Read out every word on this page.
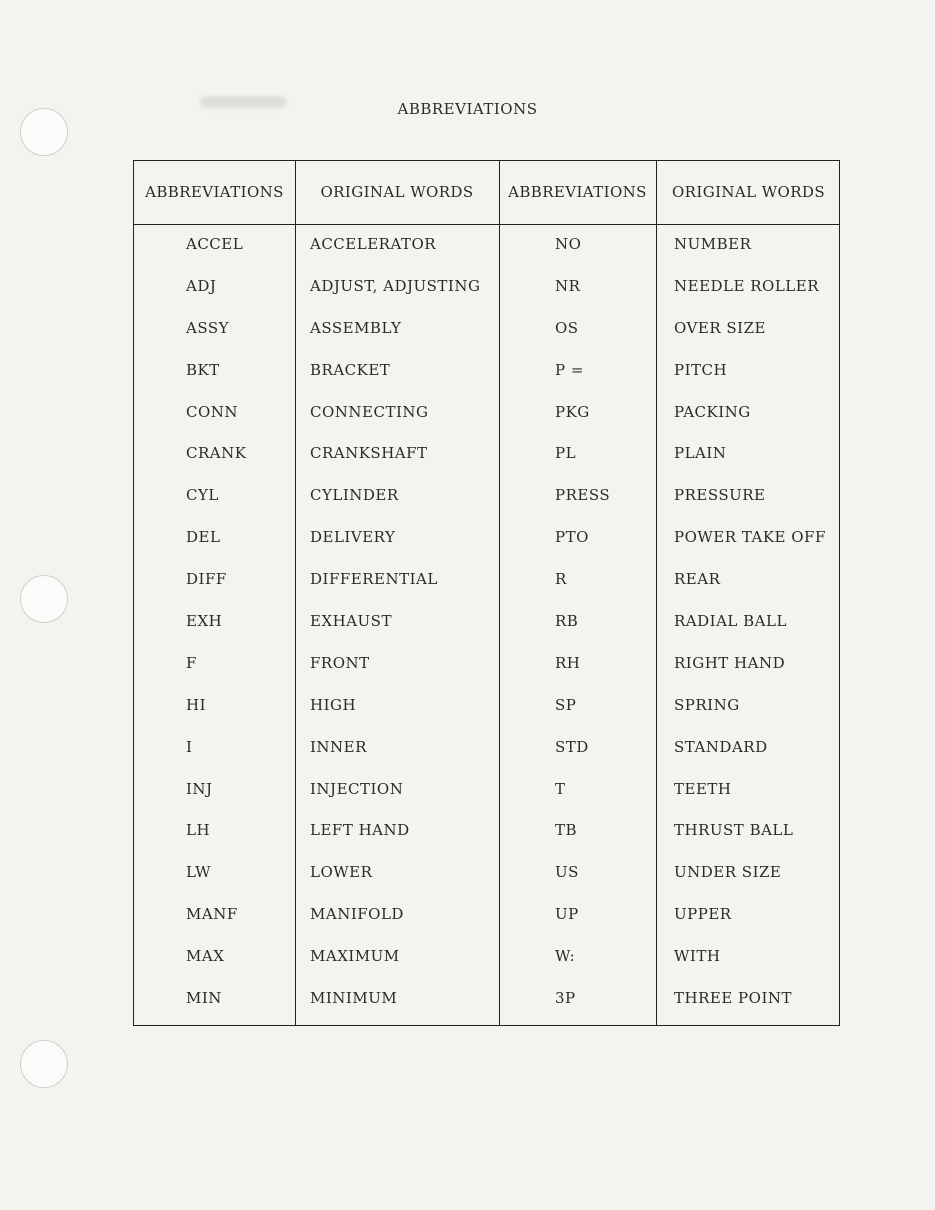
ABBREVIATIONS
ABBREVIATIONS	ORIGINAL WORDS	ABBREVIATIONS	ORIGINAL WORDS
ACCEL	ACCELERATOR	NO	NUMBER
ADJ	ADJUST, ADJUSTING	NR	NEEDLE ROLLER
ASSY	ASSEMBLY	OS	OVER SIZE
BKT	BRACKET	P =	PITCH
CONN	CONNECTING	PKG	PACKING
CRANK	CRANKSHAFT	PL	PLAIN
CYL	CYLINDER	PRESS	PRESSURE
DEL	DELIVERY	PTO	POWER TAKE OFF
DIFF	DIFFERENTIAL	R	REAR
EXH	EXHAUST	RB	RADIAL BALL
F	FRONT	RH	RIGHT HAND
HI	HIGH	SP	SPRING
I	INNER	STD	STANDARD
INJ	INJECTION	T	TEETH
LH	LEFT HAND	TB	THRUST BALL
LW	LOWER	US	UNDER SIZE
MANF	MANIFOLD	UP	UPPER
MAX	MAXIMUM	W:	WITH
MIN	MINIMUM	3P	THREE POINT
